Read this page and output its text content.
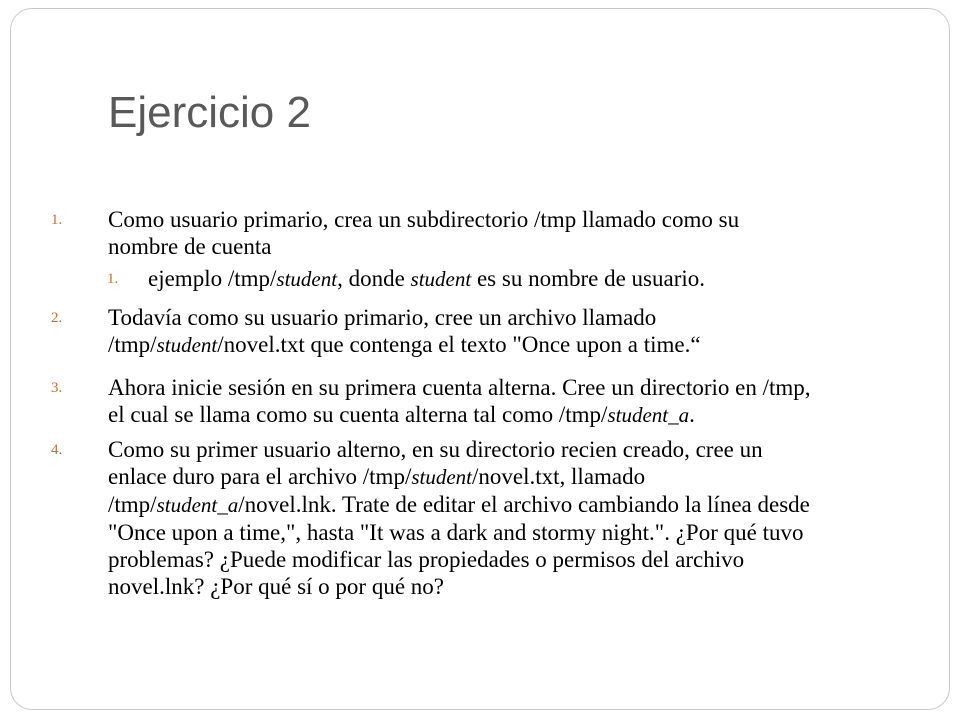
Ejercicio 2
1. Como usuario primario, crea un subdirectorio /tmp llamado como su
nombre de cuenta
1. ejemplo /tmp/student, donde student es su nombre de usuario.
2. Todavía como su usuario primario, cree un archivo llamado
/tmp/student/novel.txt que contenga el texto "Once upon a time.“
3. Ahora inicie sesión en su primera cuenta alterna. Cree un directorio en /tmp,
el cual se llama como su cuenta alterna tal como /tmp/student_a.
4. Como su primer usuario alterno, en su directorio recien creado, cree un
enlace duro para el archivo /tmp/student/novel.txt, llamado
/tmp/student_a/novel.lnk. Trate de editar el archivo cambiando la línea desde
"Once upon a time,", hasta "It was a dark and stormy night.". ¿Por qué tuvo
problemas? ¿Puede modificar las propiedades o permisos del archivo
novel.lnk? ¿Por qué sí o por qué no?
